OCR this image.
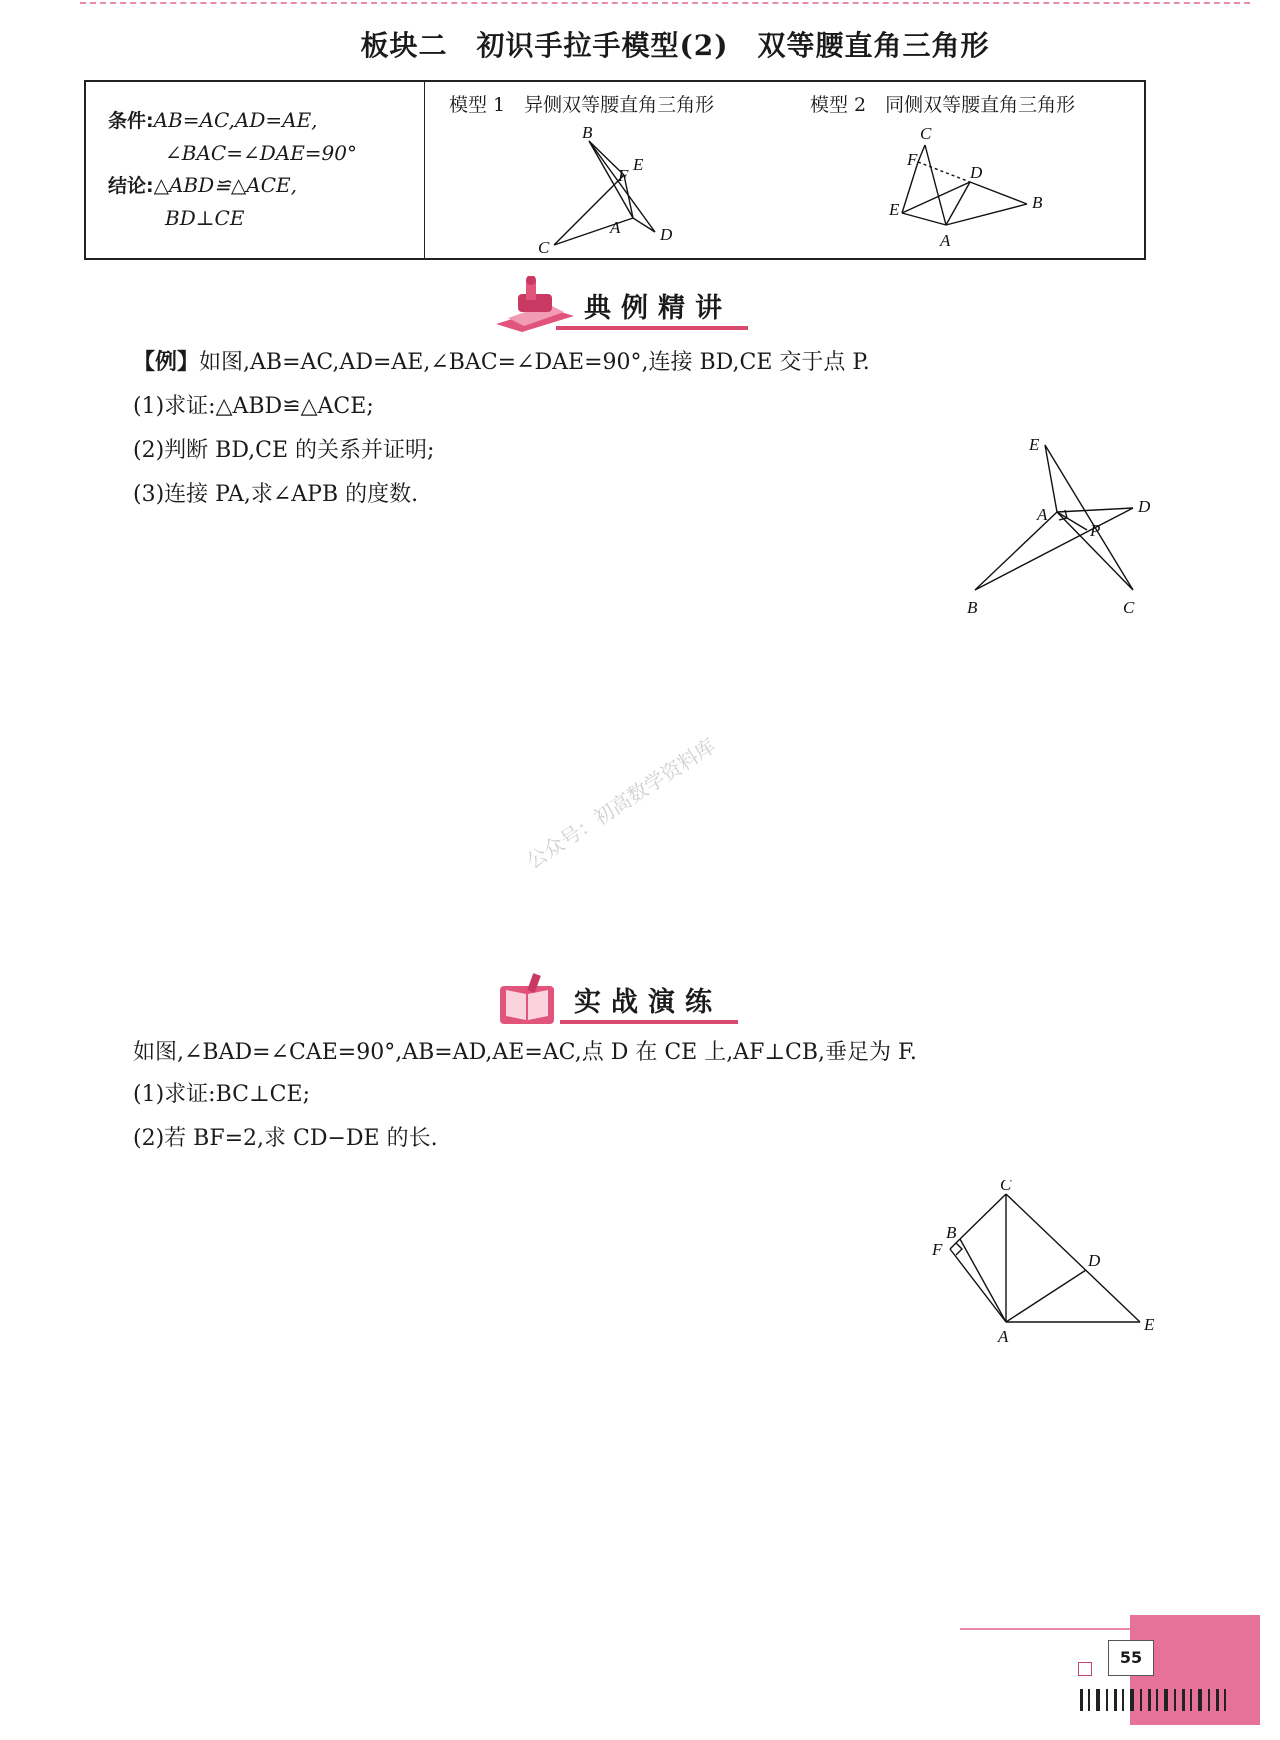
板块二　初识手拉手模型(2)　双等腰直角三角形
条件:AB=AC,AD=AE,
∠BAC=∠DAE=90°
结论:△ABD≌△ACE,
BD⊥CE
模型 1　异侧双等腰直角三角形	模型 2　同侧双等腰直角三角形
B
E
F
C
A D
C
F
D
E	B
A
典例精讲
【例】如图,AB=AC,AD=AE,∠BAC=∠DAE=90°,连接 BD,CE 交于点 P.
(1)求证:△ABD≌△ACE;
(2)判断 BD,CE 的关系并证明;
(3)连接 PA,求∠APB 的度数.
E
A	D
P
B	C
公众号：初高数学资料库
实战演练
如图,∠BAD=∠CAE=90°,AB=AD,AE=AC,点 D 在 CE 上,AF⊥CB,垂足为 F.
(1)求证:BC⊥CE;
(2)若 BF=2,求 CD−DE 的长.
C
B
F
D
A
E
55
